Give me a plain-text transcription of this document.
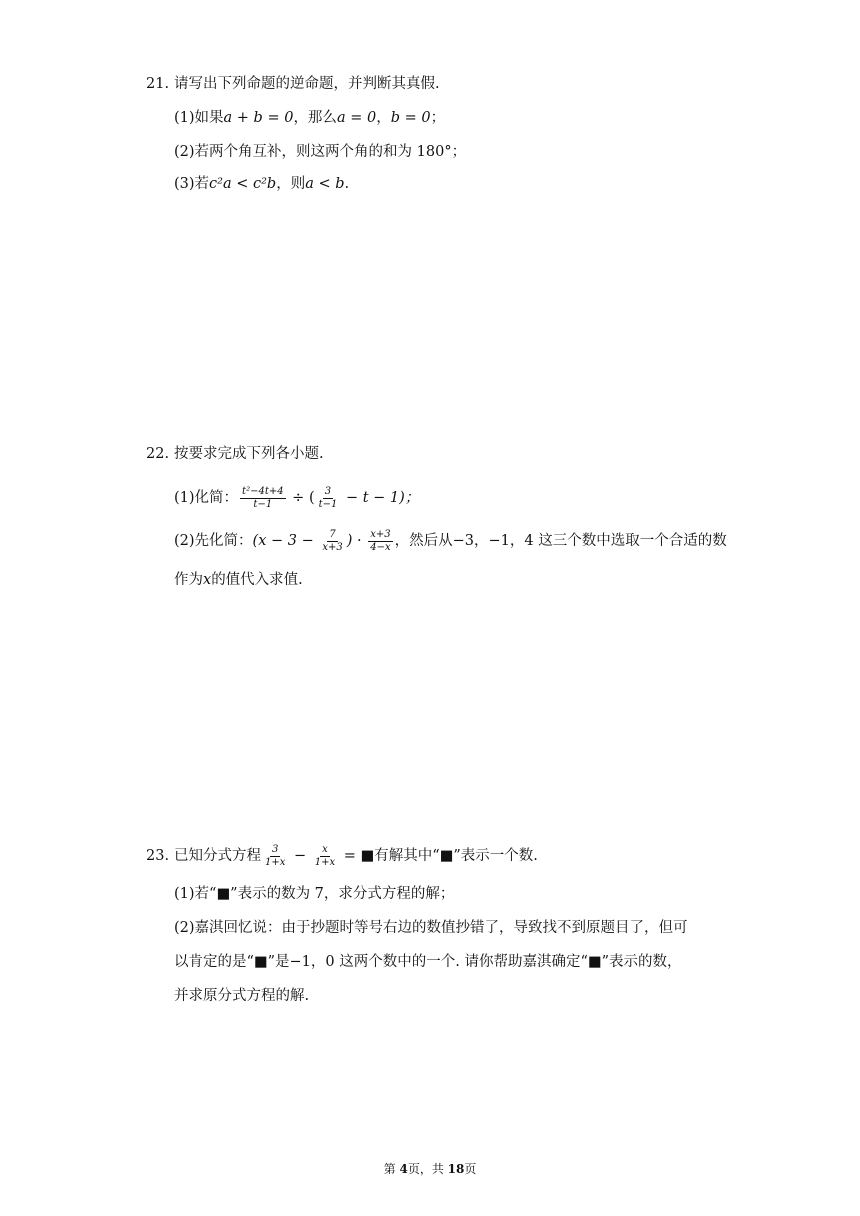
21. 请写出下列命题的逆命题，并判断其真假.
(1)如果a + b = 0，那么a = 0，b = 0；
(2)若两个角互补，则这两个角的和为 180°；
(3)若c²a < c²b，则a < b.
22. 按要求完成下列各小题.
(1)化简： $\frac{\text{t²−4t+4}}{t-1}$ ÷ ( $\frac{3}{t-1} - t - 1$)；
(2)先化简：($x - 3 - \frac{7}{x+3}$ ) · $\frac{x+3}{4-x}$ ，然后从−3，−1，4 这三个数中选取一个合适的数
作为x的值代入求值.
23. 已知分式方程 $\frac{3}{1+x} - \frac{x}{1+x}$ = ■有解其中“■”表示一个数.
(1)若“■”表示的数为 7，求分式方程的解；
(2)嘉淇回忆说：由于抄题时等号右边的数值抄错了，导致找不到原题目了，但可
以肯定的是“■”是−1，0 这两个数中的一个. 请你帮助嘉淇确定“■”表示的数，
并求原分式方程的解.
第 4页，共 18页
